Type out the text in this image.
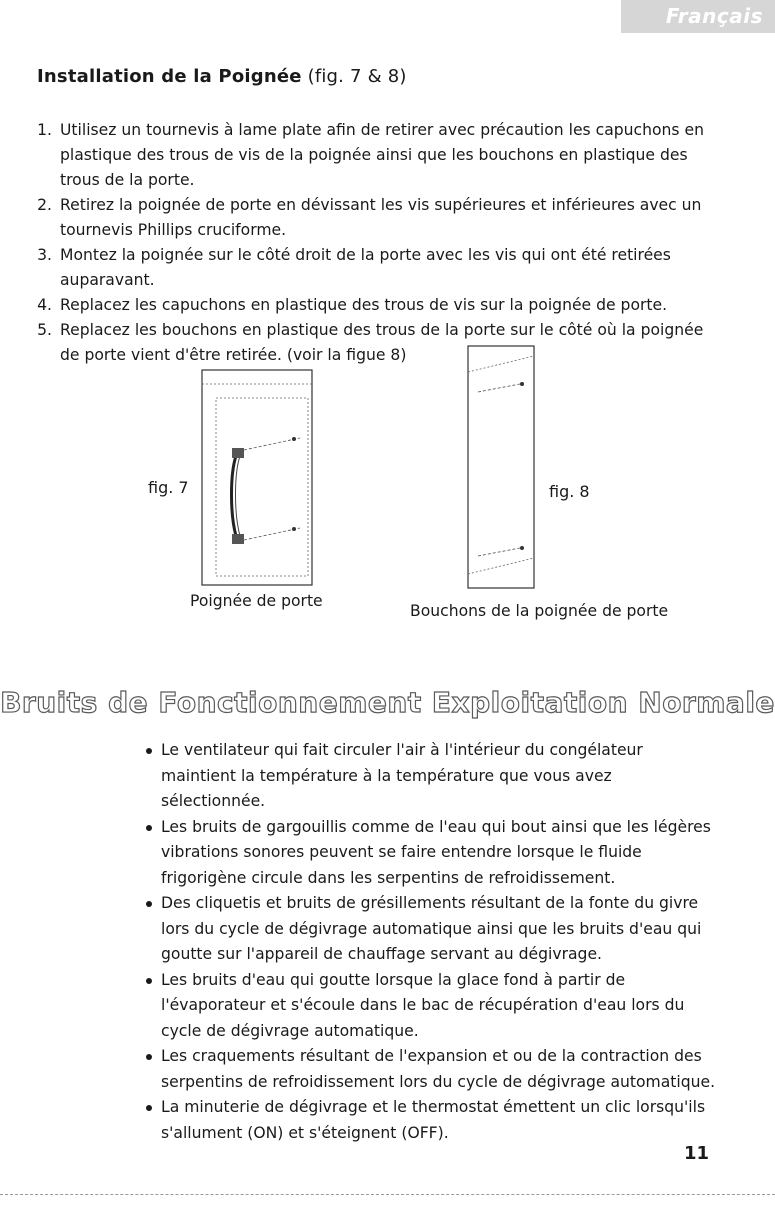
Français
Installation de la Poignée (fig. 7 & 8)
1. Utilisez un tournevis à lame plate afin de retirer avec précaution les capuchons en plastique des trous de vis de la poignée ainsi que les bouchons en plastique des trous de la porte.
2. Retirez la poignée de porte en dévissant les vis supérieures et inférieures avec un tournevis Phillips cruciforme.
3. Montez la poignée sur le côté droit de la porte avec les vis qui ont été retirées auparavant.
4. Replacez les capuchons en plastique des trous de vis sur la poignée de porte.
5. Replacez les bouchons en plastique des trous de la porte sur le côté où la poignée de porte vient d'être retirée. (voir la figue 8)
fig. 7
Poignée de porte
fig. 8
Bouchons de la poignée de porte
Bruits de Fonctionnement Exploitation Normale
Le ventilateur qui fait circuler l'air à l'intérieur du congélateur maintient la température à la température que vous avez sélectionnée.
Les bruits de gargouillis comme de l'eau qui bout ainsi que les légères vibrations sonores peuvent se faire entendre lorsque le fluide frigorigène circule dans les serpentins de refroidissement.
Des cliquetis et bruits de grésillements résultant de la fonte du givre lors du cycle de dégivrage automatique ainsi que les bruits d'eau qui goutte sur l'appareil de chauffage servant au dégivrage.
Les bruits d'eau qui goutte lorsque la glace fond à partir de l'évaporateur et s'écoule dans le bac de récupération d'eau lors du cycle de dégivrage automatique.
Les craquements résultant de l'expansion et ou de la contraction des serpentins de refroidissement lors du cycle de dégivrage automatique.
La minuterie de dégivrage et le thermostat émettent un clic lorsqu'ils s'allument (ON) et s'éteignent (OFF).
11
